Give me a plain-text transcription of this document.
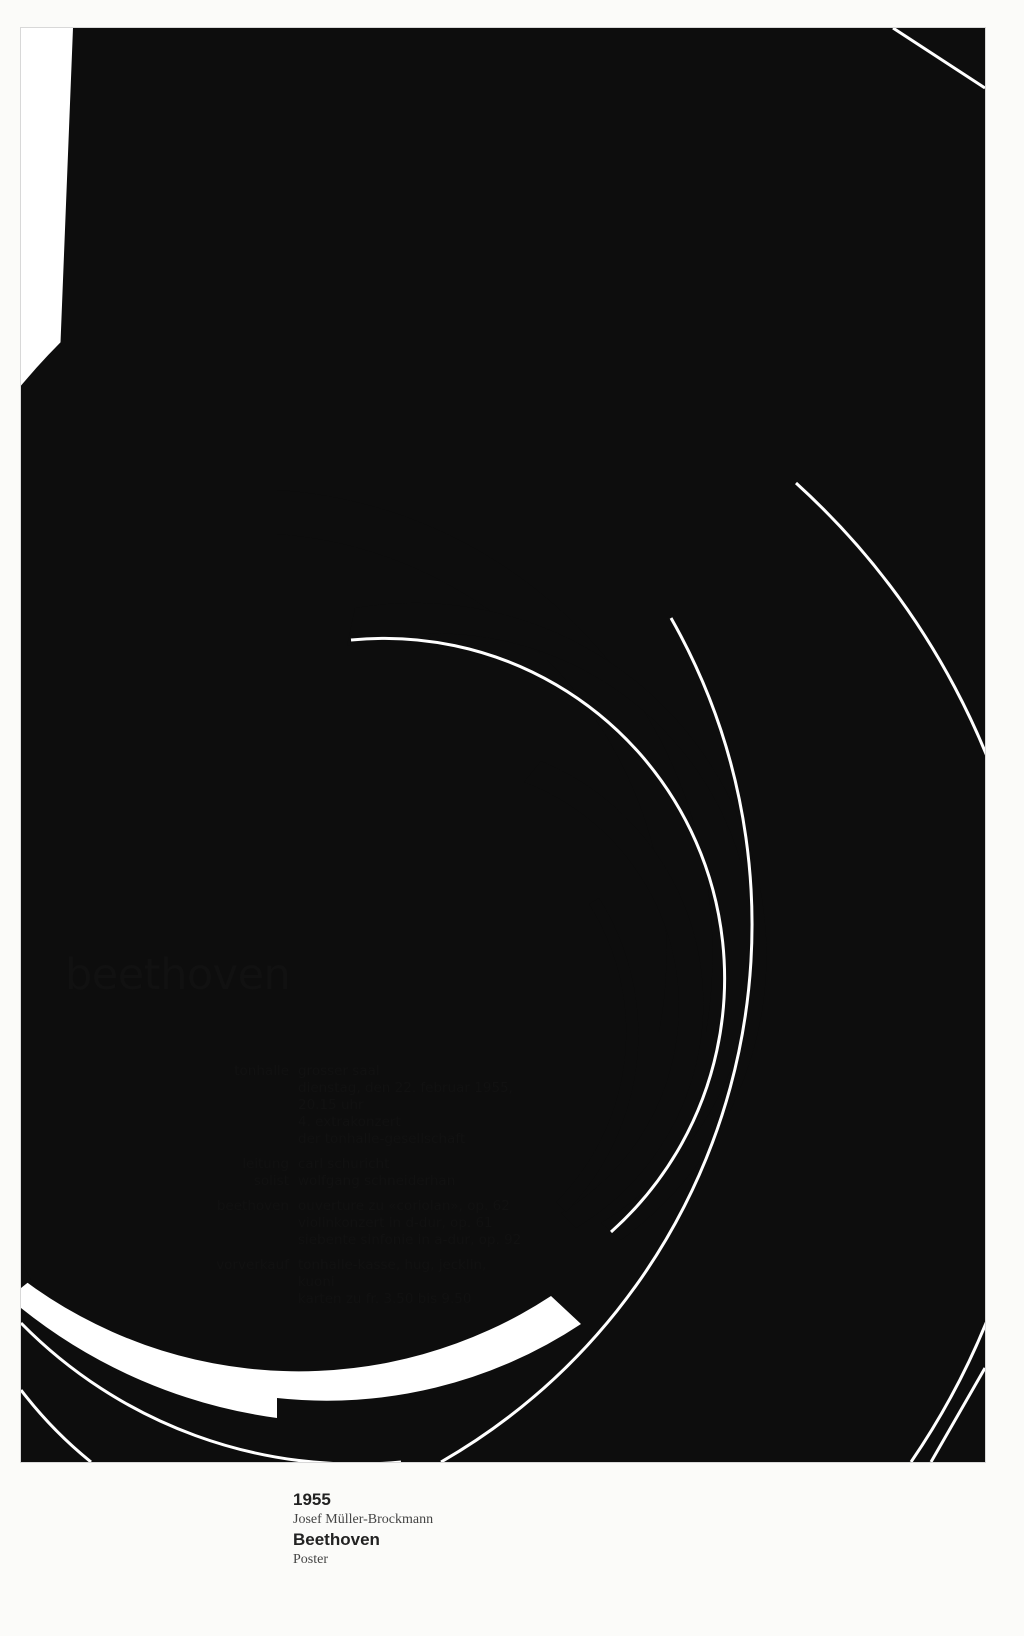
beethoven
tonhalle grosser saal
dienstag, den 22. februar 1955,
20.15 uhr
4. extrakonzert
der tonhalle-gesellschaft
leitung
solist
carl schuricht
wolfgang schneiderhan
beethoven ouverture zu «coriolan», op. 62
violinkonzert in d-dur, op. 61
siebente sinfonie in a-dur, op. 92
vorverkauf tonhalle-kasse, hug, jecklin,
kuoni
karten zu fr. 3.50 bis 9.50
1955
Josef Müller-Brockmann
Beethoven
Poster
